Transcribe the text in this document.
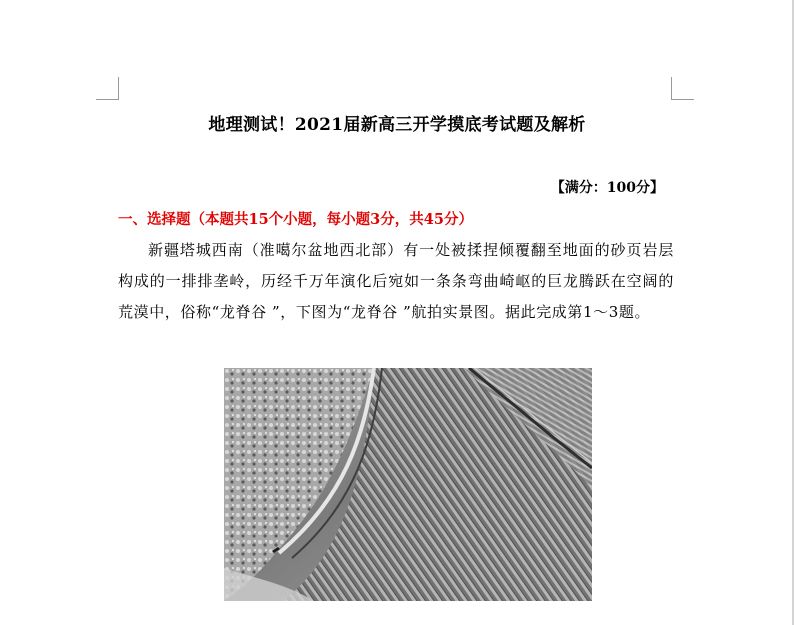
地理测试！2021届新高三开学摸底考试题及解析
【满分：100分】
一、选择题（本题共15个小题，每小题3分，共45分）
新疆塔城西南（准噶尔盆地西北部）有一处被揉捏倾覆翻至地面的砂页岩层构成的一排排垄岭，历经千万年演化后宛如一条条弯曲崎岖的巨龙腾跃在空阔的荒漠中，俗称“龙脊谷 ”，下图为“龙脊谷 ”航拍实景图。据此完成第1～3题。
